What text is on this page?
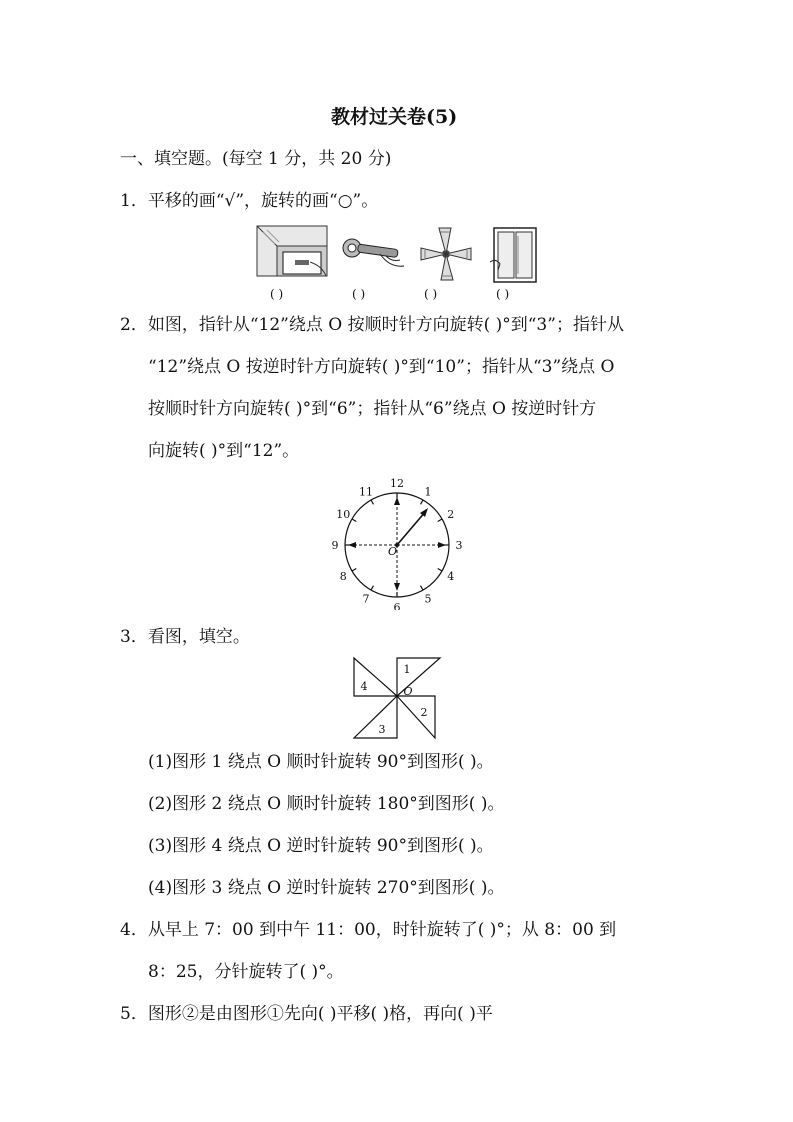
教材过关卷(5)
一、填空题。(每空 1 分，共 20 分)
1．平移的画“√”，旋转的画“○”。
( )	( )	( )	( )
2．如图，指针从“12”绕点 O 按顺时针方向旋转( )°到“3”；指针从
“12”绕点 O 按逆时针方向旋转( )°到“10”；指针从“3”绕点 O
按顺时针方向旋转( )°到“6”；指针从“6”绕点 O 按逆时针方
向旋转( )°到“12”。
12
1
2
3
4
5
6
7
8
9
10
11
O
3．看图，填空。
1
2
3
4	O
(1)图形 1 绕点 O 顺时针旋转 90°到图形( )。
(2)图形 2 绕点 O 顺时针旋转 180°到图形( )。
(3)图形 4 绕点 O 逆时针旋转 90°到图形( )。
(4)图形 3 绕点 O 逆时针旋转 270°到图形( )。
4．从早上 7：00 到中午 11：00，时针旋转了( )°；从 8：00 到
8：25，分针旋转了( )°。
5．图形②是由图形①先向( )平移( )格，再向( )平
